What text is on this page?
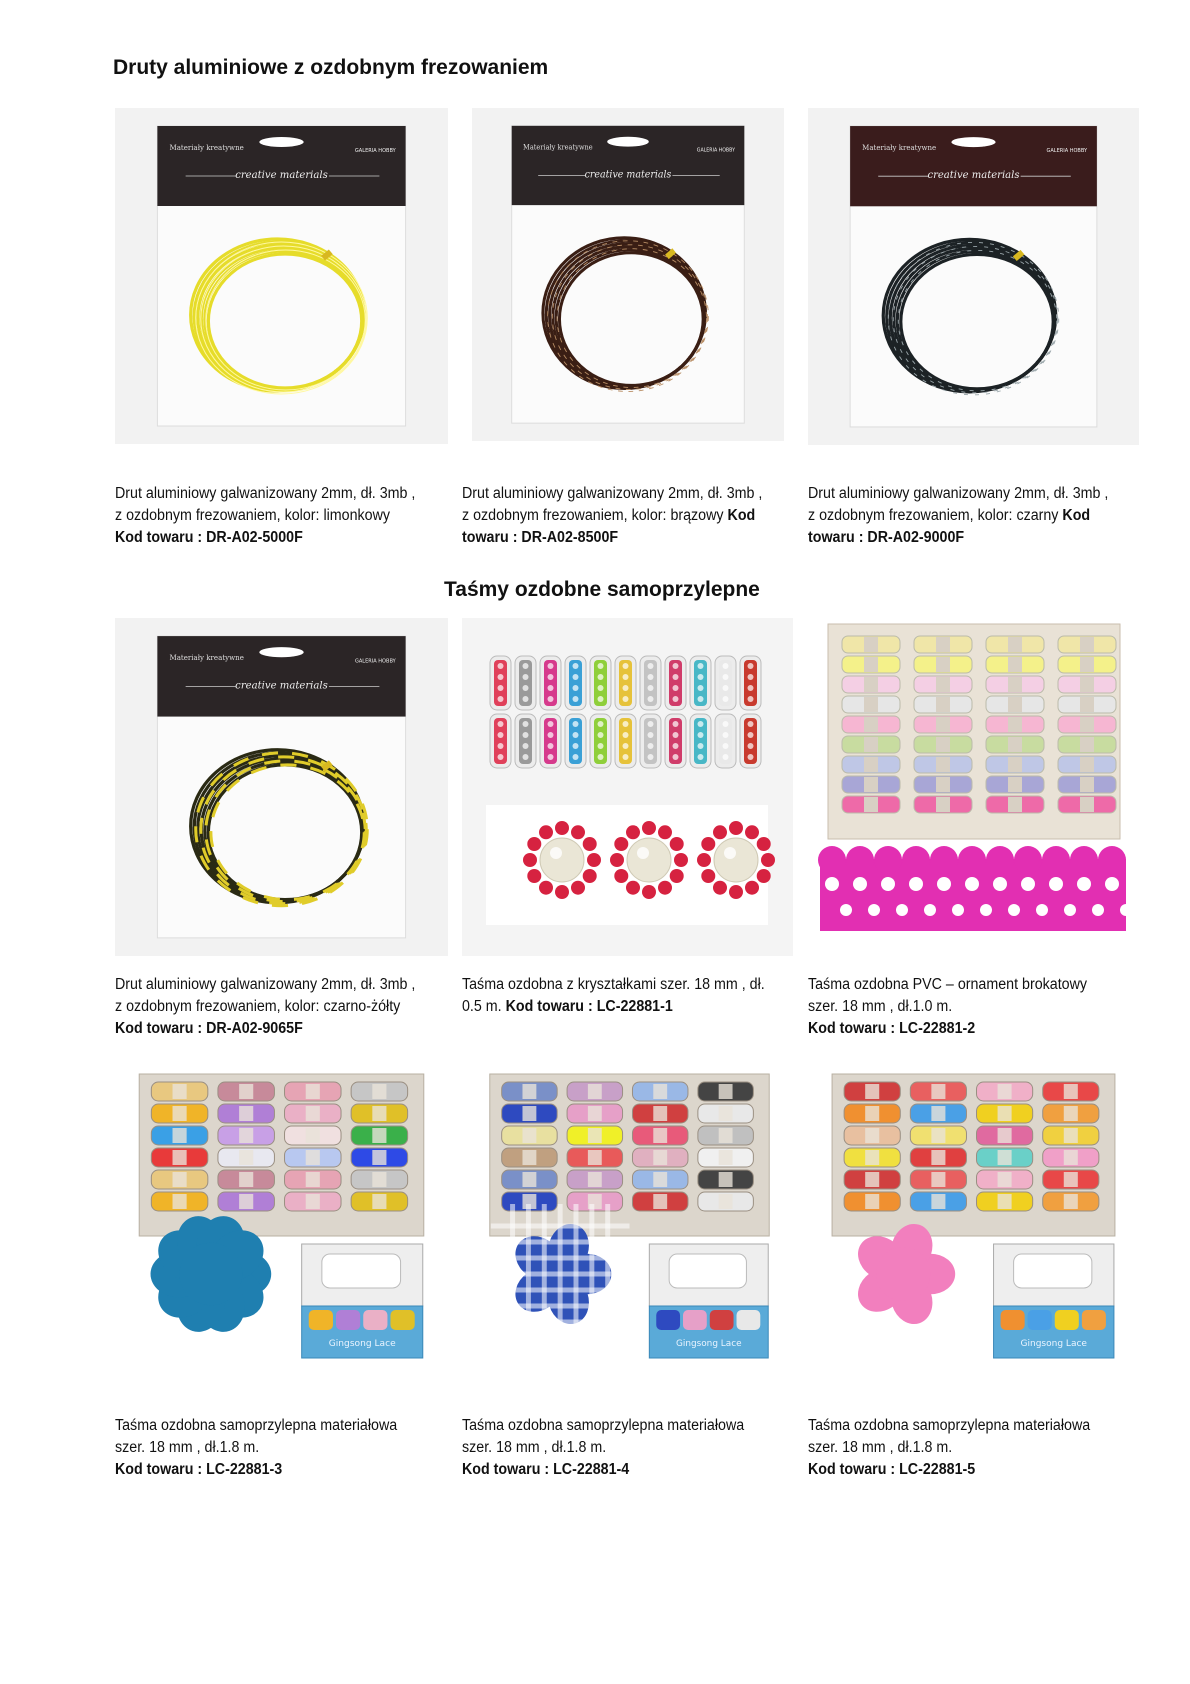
Druty aluminiowe z ozdobnym frezowaniem
Taśmy ozdobne samoprzylepne
Materiały kreatywne
creative materials
GALERIA HOBBY	Materiały kreatywne
creative materials
GALERIA HOBBY	Materiały kreatywne
creative materials
GALERIA HOBBY
Drut aluminiowy galwanizowany 2mm, dł. 3mb , z ozdobnym frezowaniem, kolor: limonkowy Kod towaru : DR-A02-5000F
Drut aluminiowy galwanizowany 2mm, dł. 3mb , z ozdobnym frezowaniem, kolor: brązowy Kod towaru : DR-A02-8500F
Drut aluminiowy galwanizowany 2mm, dł. 3mb , z ozdobnym frezowaniem, kolor: czarny Kod towaru : DR-A02-9000F
Materiały kreatywne
creative materials
GALERIA HOBBY
Taśma ozdobna z kryształkami szer. 18 mm , dł. 0.5 m. Kod towaru : LC-22881-1
Drut aluminiowy galwanizowany 2mm, dł. 3mb , z ozdobnym frezowaniem, kolor: czarno-żółty Kod towaru : DR-A02-9065F
Taśma ozdobna PVC – ornament brokatowy szer. 18 mm , dł.1.0 m.
Kod towaru : LC-22881-2
Gingsong Lace	Gingsong Lace	Gingsong Lace
Taśma ozdobna samoprzylepna materiałowa szer. 18 mm , dł.1.8 m.
Kod towaru : LC-22881-3
Taśma ozdobna samoprzylepna materiałowa szer. 18 mm , dł.1.8 m.
Kod towaru : LC-22881-4
Taśma ozdobna samoprzylepna materiałowa szer. 18 mm , dł.1.8 m.
Kod towaru : LC-22881-5
